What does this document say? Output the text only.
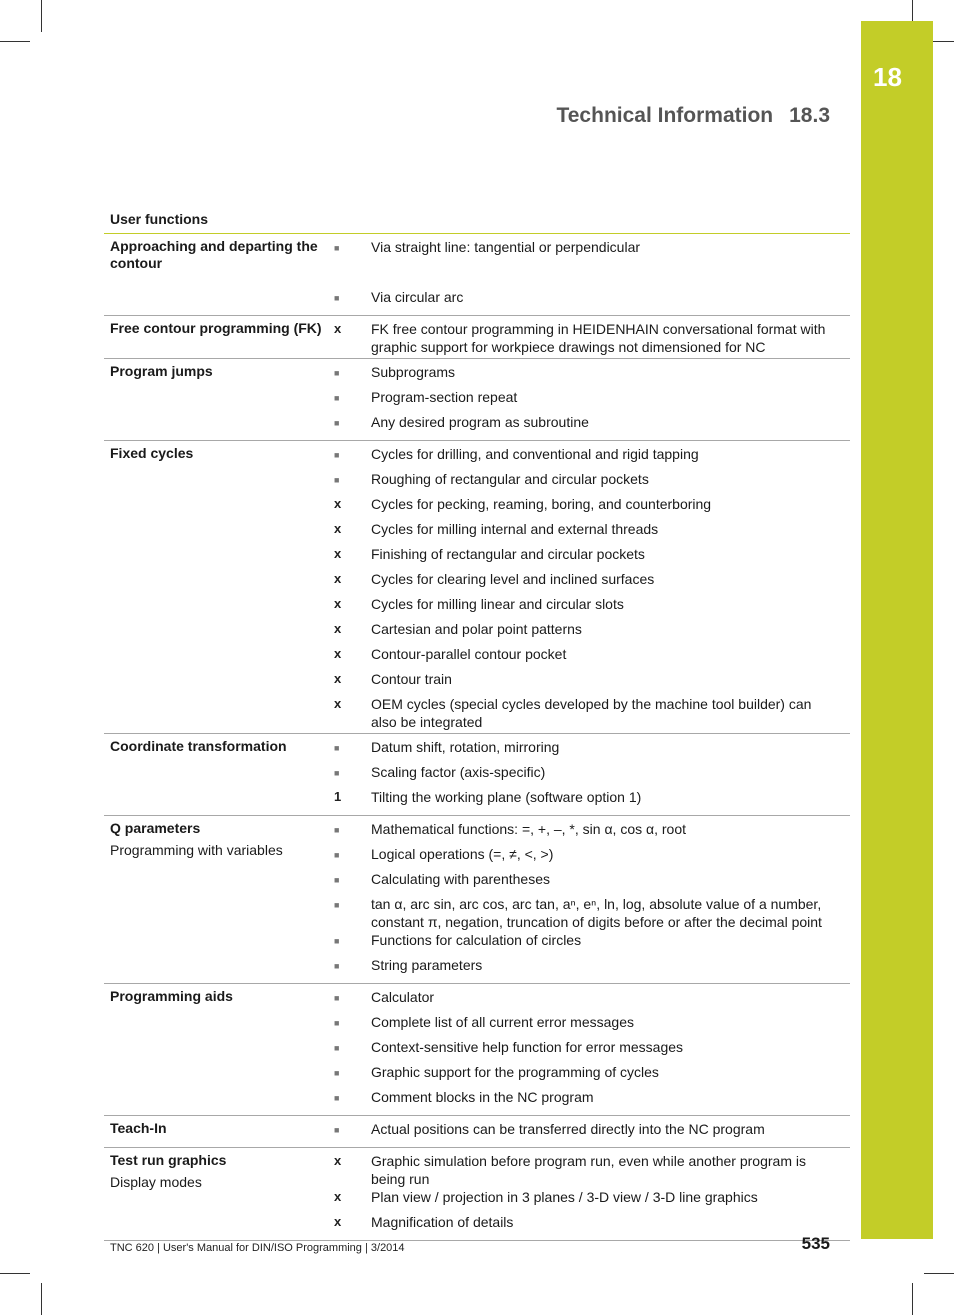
18
Technical Information 18.3
User functions
Approaching and departing the contour
■	Via straight line: tangential or perpendicular
■	Via circular arc
Free contour programming (FK) x	FK free contour programming in HEIDENHAIN conversational format with graphic support for workpiece drawings not dimensioned for NC
Program jumps	■	Subprograms
■	Program-section repeat
■	Any desired program as subroutine
Fixed cycles	■	Cycles for drilling, and conventional and rigid tapping
■	Roughing of rectangular and circular pockets
x	Cycles for pecking, reaming, boring, and counterboring
x	Cycles for milling internal and external threads
x	Finishing of rectangular and circular pockets
x	Cycles for clearing level and inclined surfaces
x	Cycles for milling linear and circular slots
x	Cartesian and polar point patterns
x	Contour-parallel contour pocket
x	Contour train
x	OEM cycles (special cycles developed by the machine tool builder) can also be integrated
Coordinate transformation	■	Datum shift, rotation, mirroring
■	Scaling factor (axis-specific)
1	Tilting the working plane (software option 1)
Q parameters
Programming with variables
■	Mathematical functions: =, +, –, *, sin α, cos α, root
■	Logical operations (=, ≠, <, >)
■	Calculating with parentheses
■	tan α, arc sin, arc cos, arc tan, aⁿ, eⁿ, ln, log, absolute value of a number, constant π, negation, truncation of digits before or after the decimal point
■	Functions for calculation of circles
■	String parameters
Programming aids	■	Calculator
■	Complete list of all current error messages
■	Context-sensitive help function for error messages
■	Graphic support for the programming of cycles
■	Comment blocks in the NC program
Teach-In	■	Actual positions can be transferred directly into the NC program
Test run graphics
Display modes
x	Graphic simulation before program run, even while another program is being run
x	Plan view / projection in 3 planes / 3-D view / 3-D line graphics
x	Magnification of details
TNC 620 | User's Manual for DIN/ISO Programming | 3/2014	535
